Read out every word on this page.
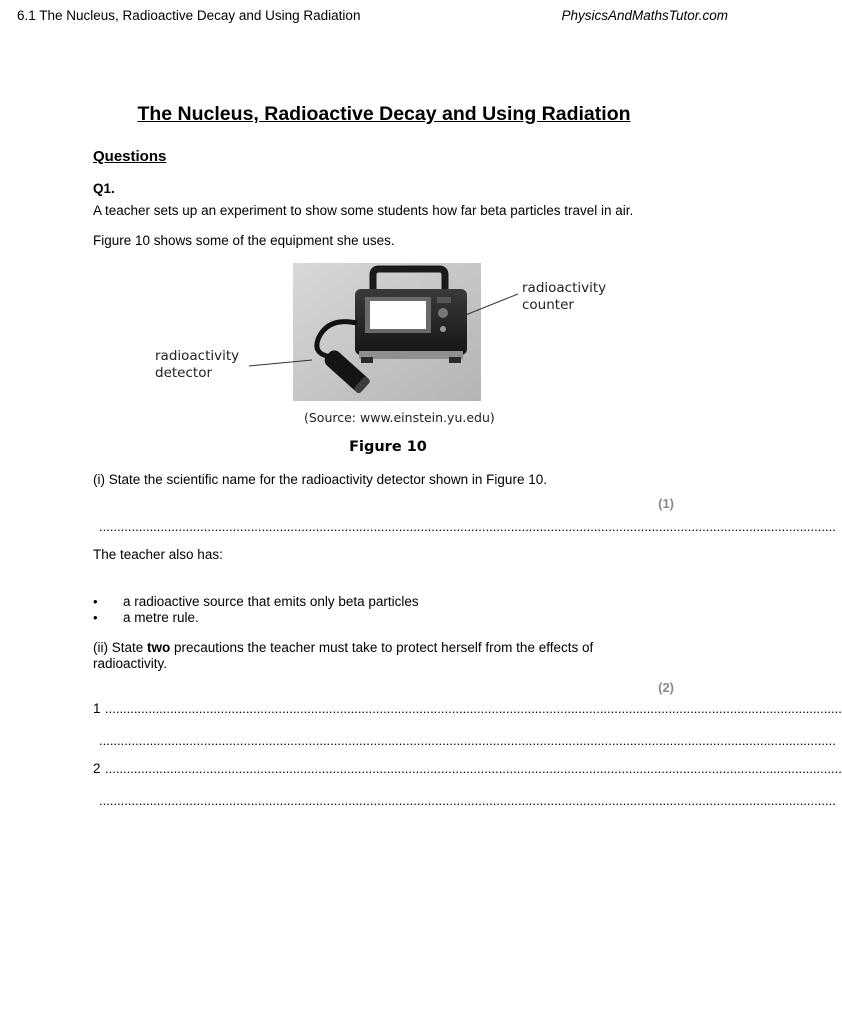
6.1 The Nucleus, Radioactive Decay and Using Radiation	PhysicsAndMathsTutor.com
The Nucleus, Radioactive Decay and Using Radiation
Questions
Q1.
A teacher sets up an experiment to show some students how far beta particles travel in air.
Figure 10 shows some of the equipment she uses.
radioactivity
counter
radioactivity
detector
(Source: www.einstein.yu.edu)
Figure 10
(i) State the scientific name for the radioactivity detector shown in Figure 10.
(1)
............................................................................................................................................................................................................
The teacher also has:
• a radioactive source that emits only beta particles
• a metre rule.
(ii) State two precautions the teacher must take to protect herself from the effects of
radioactivity.
(2)
1 ............................................................................................................................................................................................................
............................................................................................................................................................................................................
2 ............................................................................................................................................................................................................
............................................................................................................................................................................................................
